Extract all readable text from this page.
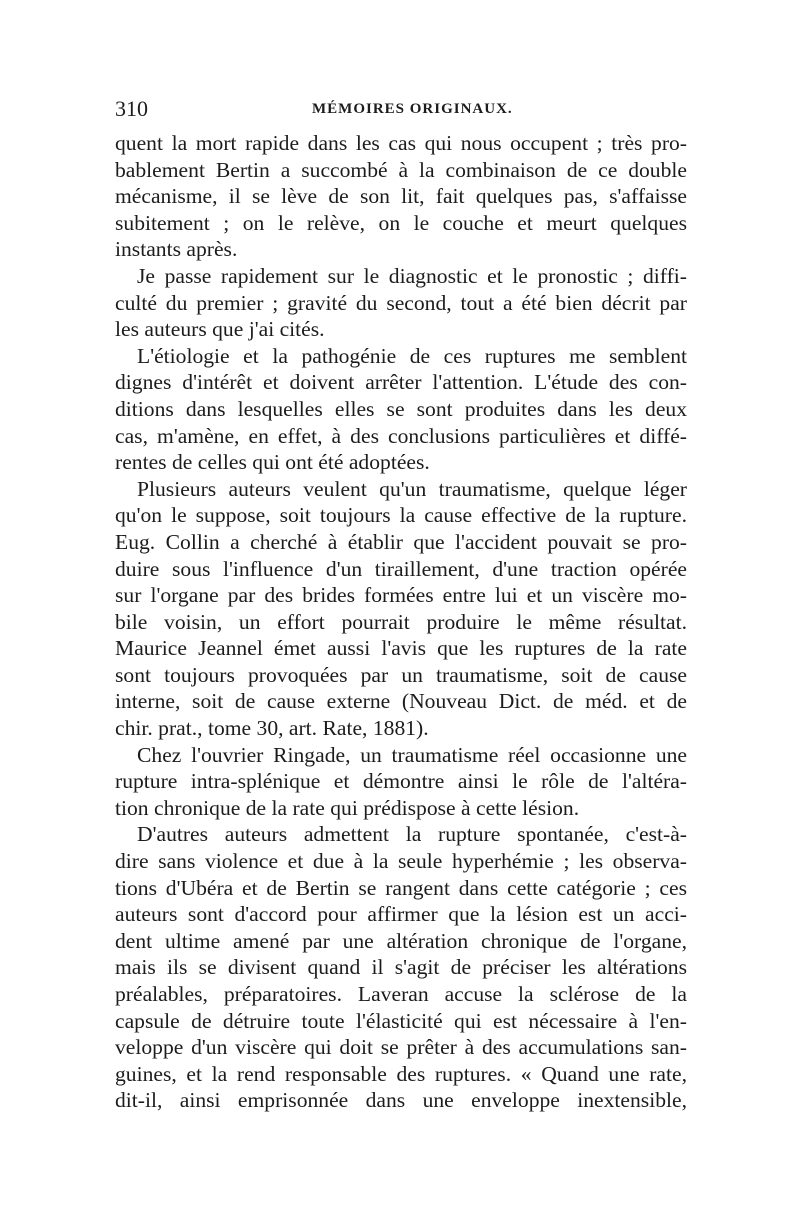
310	MÉMOIRES ORIGINAUX.
quent la mort rapide dans les cas qui nous occupent ; très pro-
bablement Bertin a succombé à la combinaison de ce double
mécanisme, il se lève de son lit, fait quelques pas, s'affaisse
subitement ; on le relève, on le couche et meurt quelques
instants après.
Je passe rapidement sur le diagnostic et le pronostic ; diffi-
culté du premier ; gravité du second, tout a été bien décrit par
les auteurs que j'ai cités.
L'étiologie et la pathogénie de ces ruptures me semblent
dignes d'intérêt et doivent arrêter l'attention. L'étude des con-
ditions dans lesquelles elles se sont produites dans les deux
cas, m'amène, en effet, à des conclusions particulières et diffé-
rentes de celles qui ont été adoptées.
Plusieurs auteurs veulent qu'un traumatisme, quelque léger
qu'on le suppose, soit toujours la cause effective de la rupture.
Eug. Collin a cherché à établir que l'accident pouvait se pro-
duire sous l'influence d'un tiraillement, d'une traction opérée
sur l'organe par des brides formées entre lui et un viscère mo-
bile voisin, un effort pourrait produire le même résultat.
Maurice Jeannel émet aussi l'avis que les ruptures de la rate
sont toujours provoquées par un traumatisme, soit de cause
interne, soit de cause externe (Nouveau Dict. de méd. et de
chir. prat., tome 30, art. Rate, 1881).
Chez l'ouvrier Ringade, un traumatisme réel occasionne une
rupture intra-splénique et démontre ainsi le rôle de l'altéra-
tion chronique de la rate qui prédispose à cette lésion.
D'autres auteurs admettent la rupture spontanée, c'est-à-
dire sans violence et due à la seule hyperhémie ; les observa-
tions d'Ubéra et de Bertin se rangent dans cette catégorie ; ces
auteurs sont d'accord pour affirmer que la lésion est un acci-
dent ultime amené par une altération chronique de l'organe,
mais ils se divisent quand il s'agit de préciser les altérations
préalables, préparatoires. Laveran accuse la sclérose de la
capsule de détruire toute l'élasticité qui est nécessaire à l'en-
veloppe d'un viscère qui doit se prêter à des accumulations san-
guines, et la rend responsable des ruptures. « Quand une rate,
dit-il, ainsi emprisonnée dans une enveloppe inextensible,
